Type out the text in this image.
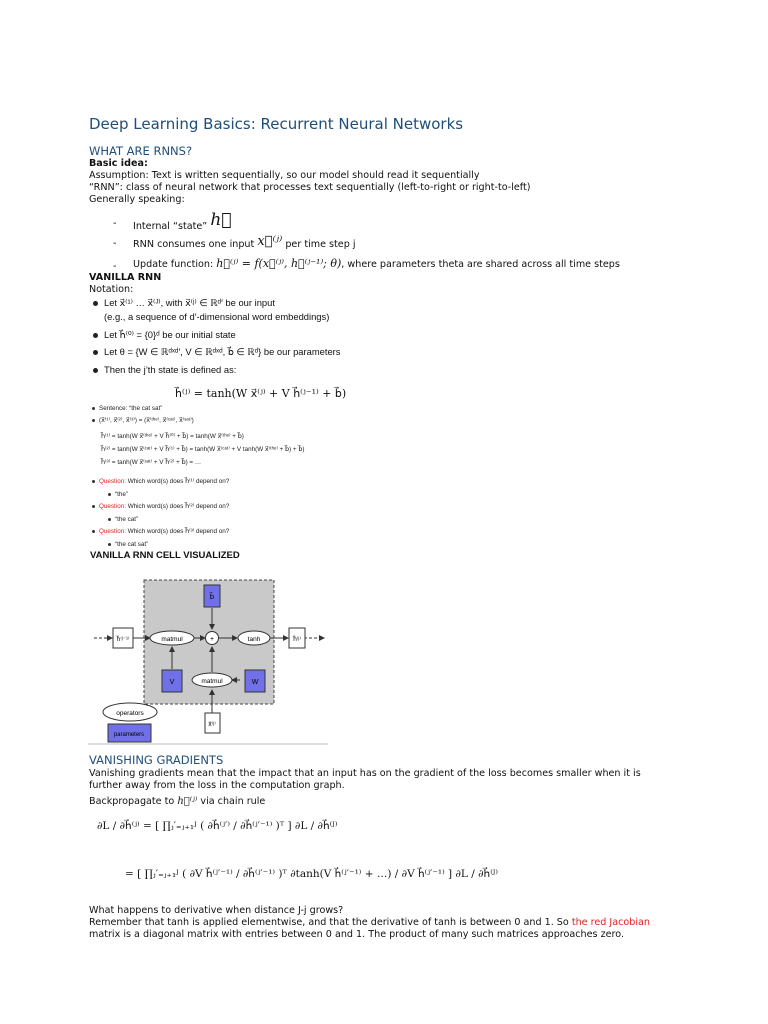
Deep Learning Basics: Recurrent Neural Networks
WHAT ARE RNNS?
Basic idea:
Assumption: Text is written sequentially, so our model should read it sequentially
“RNN”: class of neural network that processes text sequentially (left-to-right or right-to-left)
Generally speaking:
- Internal “state” h⃗
- RNN consumes one input x⃗⁽ʲ⁾ per time step j
- Update function: h⃗⁽ʲ⁾ = f(x⃗⁽ʲ⁾, h⃗⁽ʲ⁻¹⁾; θ), where parameters theta are shared across all time steps
VANILLA RNN
Notation:
Let x⃗⁽¹⁾ … x⃗⁽ᴶ⁾, with x⃗⁽ʲ⁾ ∈ ℝᵈ′ be our input
(e.g., a sequence of d′-dimensional word embeddings)
Let h⃗⁽⁰⁾ = {0}ᵈ be our initial state
Let θ = {W ∈ ℝᵈˣᵈ′, V ∈ ℝᵈˣᵈ, b⃗ ∈ ℝᵈ} be our parameters
Then the j’th state is defined as:
h⃗⁽ʲ⁾ = tanh(W x⃗⁽ʲ⁾ + V h⃗⁽ʲ⁻¹⁾ + b⃗)
Sentence: “the cat sat”
(x⃗⁽¹⁾, x⃗⁽²⁾, x⃗⁽³⁾) = (x⃗⁽ᵗʰᵉ⁾, x⃗⁽ᶜᵃᵗ⁾, x⃗⁽ˢᵃᵗ⁾)
h⃗⁽¹⁾ = tanh(W x⃗⁽ᵗʰᵉ⁾ + V h⃗⁽⁰⁾ + b⃗) = tanh(W x⃗⁽ᵗʰᵉ⁾ + b⃗)
h⃗⁽²⁾ = tanh(W x⃗⁽ᶜᵃᵗ⁾ + V h⃗⁽¹⁾ + b⃗) = tanh(W x⃗⁽ᶜᵃᵗ⁾ + V tanh(W x⃗⁽ᵗʰᵉ⁾ + b⃗) + b⃗)
h⃗⁽³⁾ = tanh(W x⃗⁽ˢᵃᵗ⁾ + V h⃗⁽²⁾ + b⃗) = …
Question: Which word(s) does h⃗⁽¹⁾ depend on?
“the”
Question: Which word(s) does h⃗⁽²⁾ depend on?
“the cat”
Question: Which word(s) does h⃗⁽³⁾ depend on?
“the cat sat”
VANILLA RNN CELL VISUALIZED
h⃗⁽ʲ⁻¹⁾
b⃗
matmul	+	tanh	h⃗⁽ʲ⁾
V	matmul	W
x⃗⁽ʲ⁾
operators
parameters
VANISHING GRADIENTS
Vanishing gradients mean that the impact that an input has on the gradient of the loss becomes smaller when it is
further away from the loss in the computation graph.
Backpropagate to h⃗⁽ʲ⁾ via chain rule
∂L / ∂h⃗⁽ʲ⁾ = [ ∏ⱼ′₌ⱼ₊₁ᴶ ( ∂h⃗⁽ʲ′⁾ / ∂h⃗⁽ʲ′⁻¹⁾ )ᵀ ] ∂L / ∂h⃗⁽ᴶ⁾
= [ ∏ⱼ′₌ⱼ₊₁ᴶ ( ∂V h⃗⁽ʲ′⁻¹⁾ / ∂h⃗⁽ʲ′⁻¹⁾ )ᵀ ∂tanh(V h⃗⁽ʲ′⁻¹⁾ + …) / ∂V h⃗⁽ʲ′⁻¹⁾ ] ∂L / ∂h⃗⁽ᴶ⁾
What happens to derivative when distance J-j grows?
Remember that tanh is applied elementwise, and that the derivative of tanh is between 0 and 1. So the red Jacobian
matrix is a diagonal matrix with entries between 0 and 1. The product of many such matrices approaches zero.
